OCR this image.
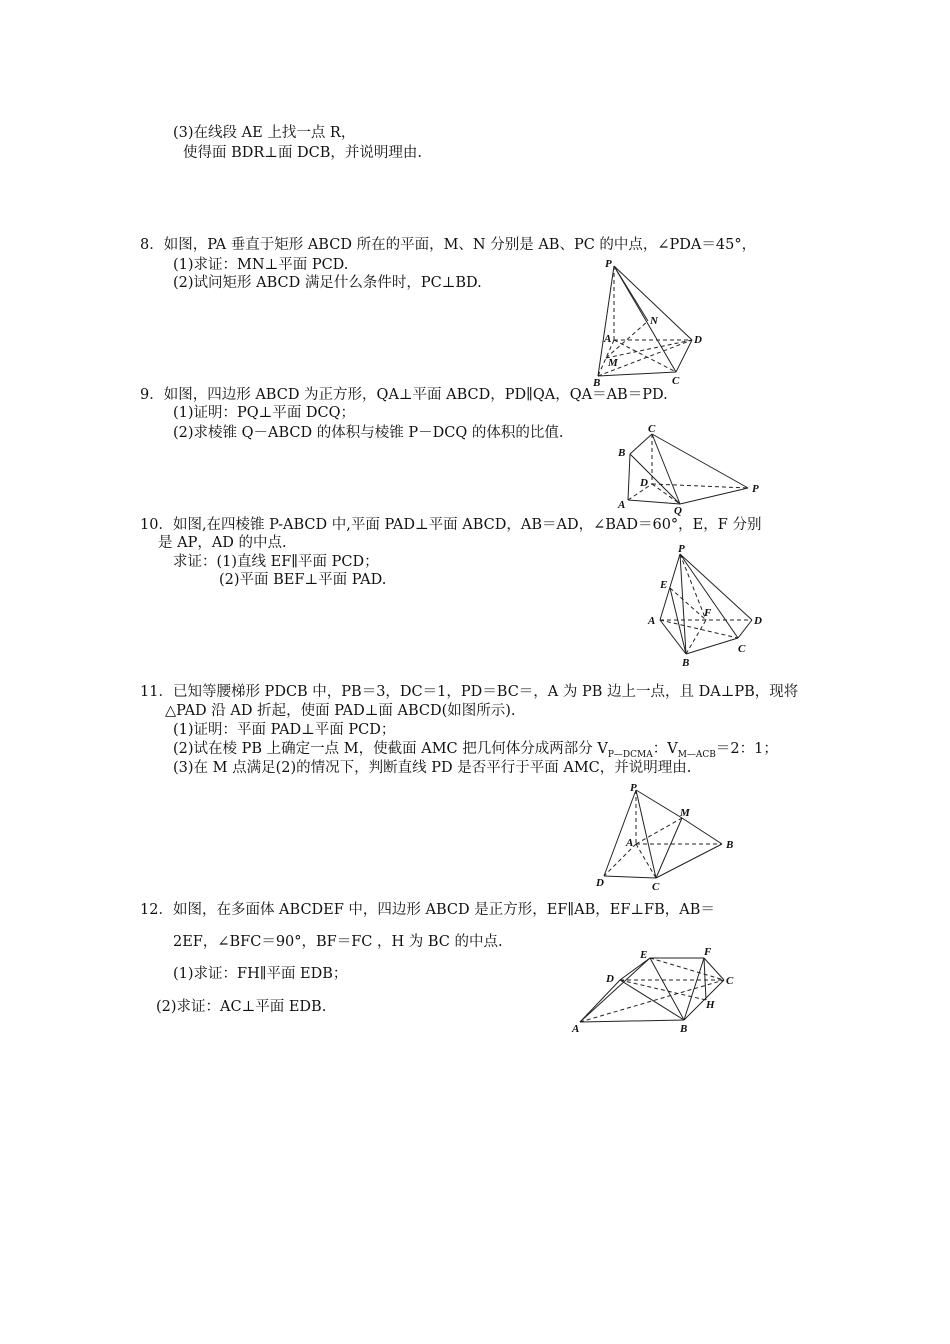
(3)在线段 AE 上找一点 R，
使得面 BDR⊥面 DCB，并说明理由.
8．如图，PA 垂直于矩形 ABCD 所在的平面，M、N 分别是 AB、PC 的中点，∠PDA＝45°，
(1)求证：MN⊥平面 PCD.
(2)试问矩形 ABCD 满足什么条件时，PC⊥BD.
P
N
A	D
M
B	C
9．如图，四边形 ABCD 为正方形，QA⊥平面 ABCD，PD∥QA，QA＝AB＝PD.
(1)证明：PQ⊥平面 DCQ；
(2)求棱锥 Q－ABCD 的体积与棱锥 P－DCQ 的体积的比值.	C
B
D
A	Q
P
10．如图,在四棱锥 P-ABCD 中,平面 PAD⊥平面 ABCD，AB＝AD，∠BAD＝60°，E，F 分别
是 AP，AD 的中点.
求证：(1)直线 EF∥平面 PCD；
(2)平面 BEF⊥平面 PAD.
P
E
F
A	D
B
C
11．已知等腰梯形 PDCB 中，PB＝3，DC＝1，PD＝BC＝，A 为 PB 边上一点，且 DA⊥PB，现将
△PAD 沿 AD 折起，使面 PAD⊥面 ABCD(如图所示).
(1)证明：平面 PAD⊥平面 PCD；
(2)试在棱 PB 上确定一点 M，使截面 AMC 把几何体分成两部分 $V_{P—DCMA}$：$V_{M—ACB}=2$：1；
(3)在 M 点满足(2)的情况下，判断直线 PD 是否平行于平面 AMC，并说明理由.
P
M
A	B
D	C
12．如图，在多面体 ABCDEF 中，四边形 ABCD 是正方形，EF∥AB，EF⊥FB，AB＝
2EF，∠BFC＝90°，BF＝FC ，H 为 BC 的中点.
(1)求证：FH∥平面 EDB；
(2)求证：AC⊥平面 EDB.
E	F
D	C
H
A	B
